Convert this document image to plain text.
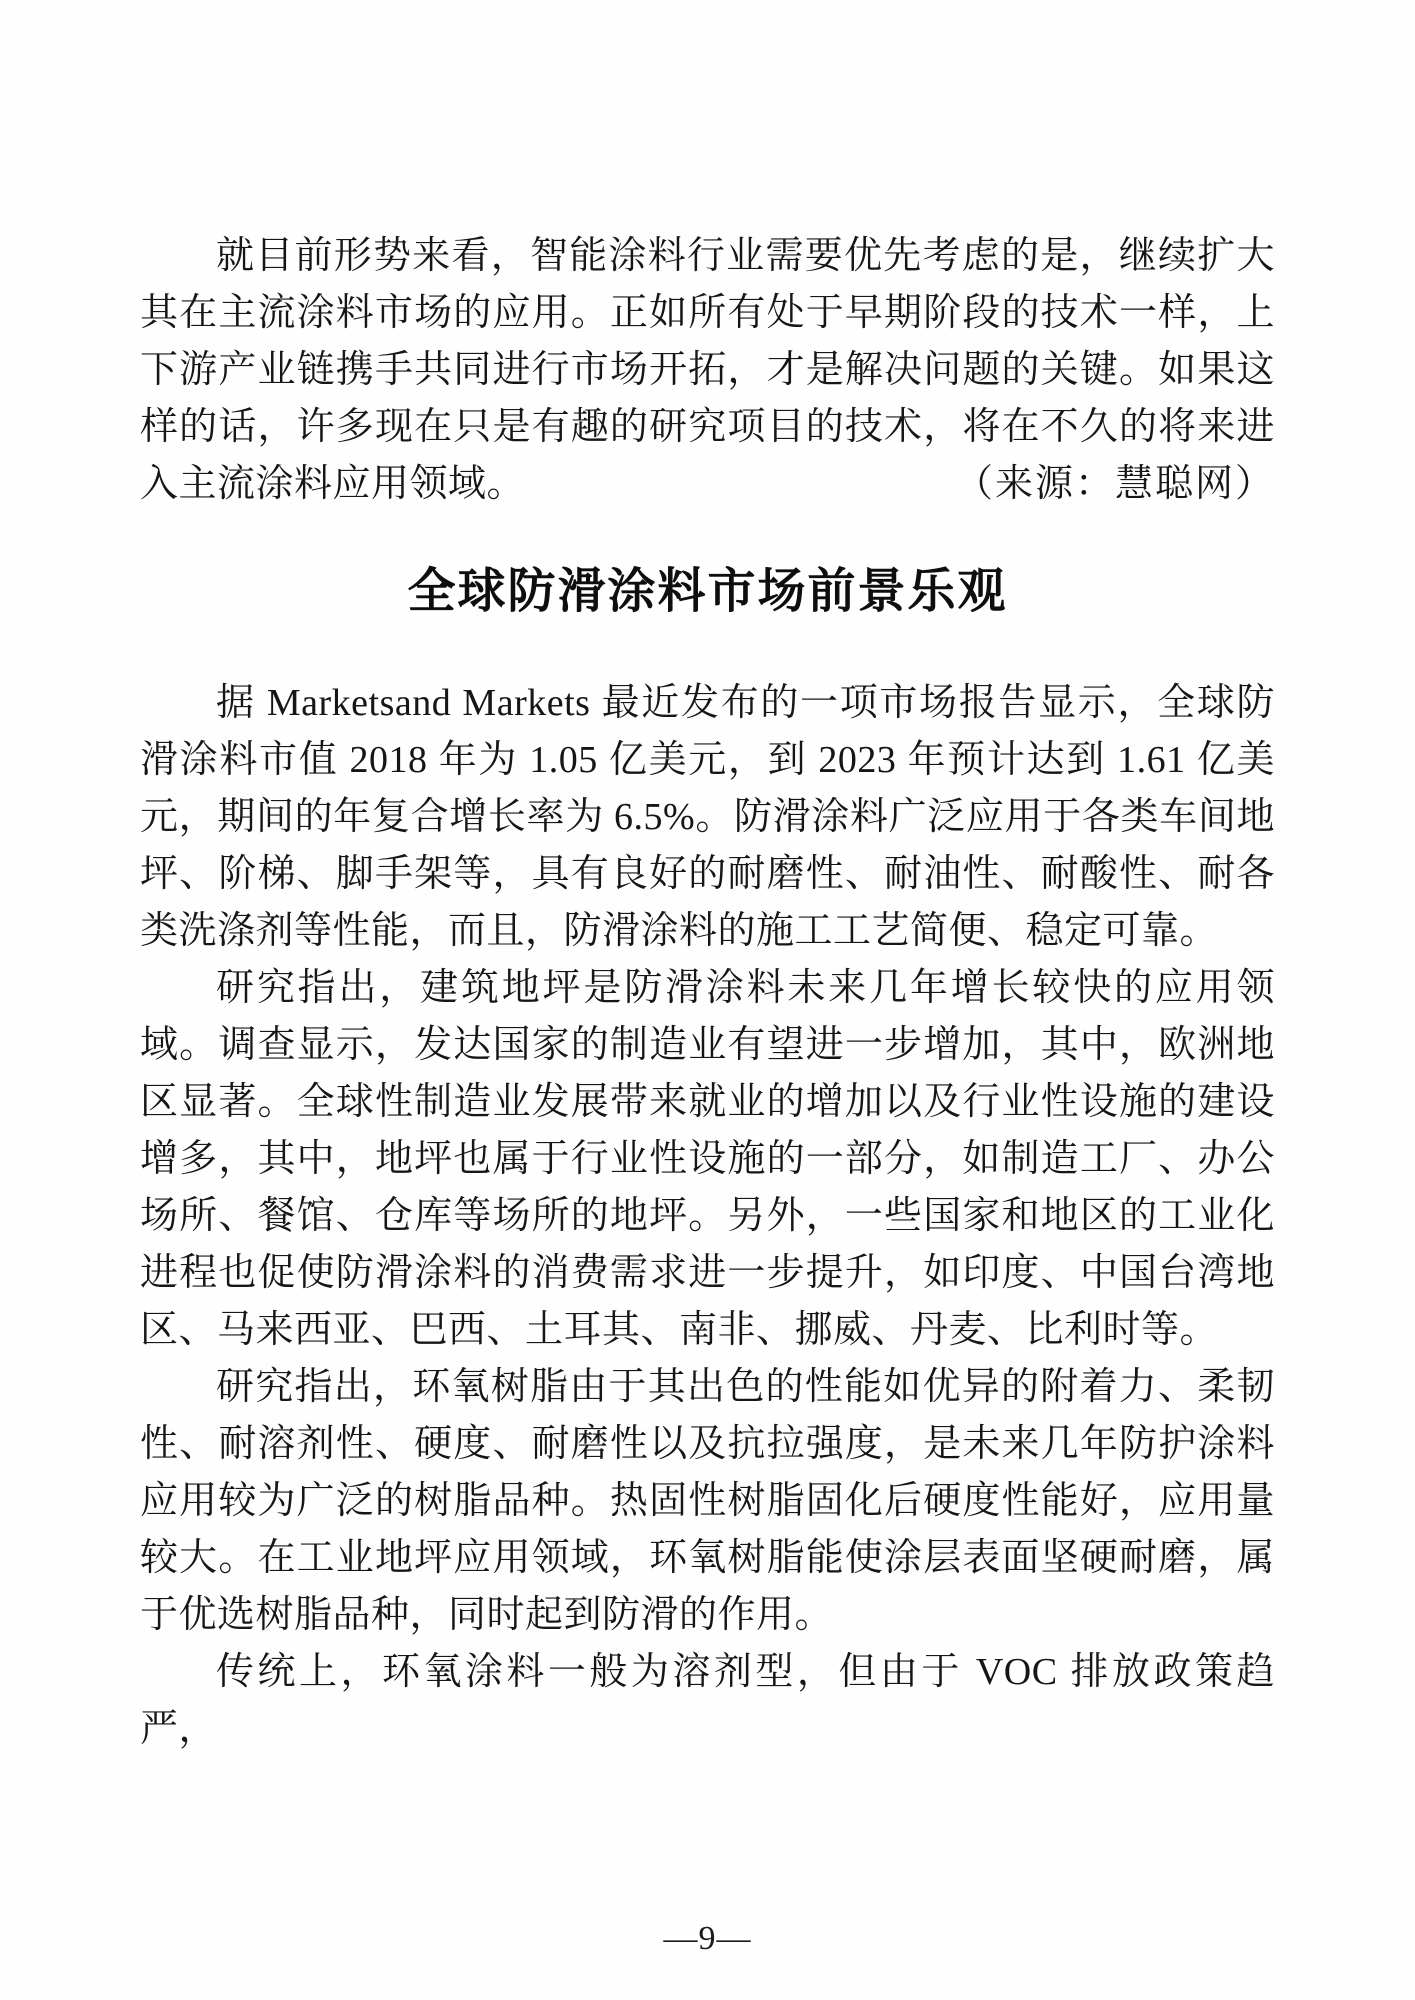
就目前形势来看，智能涂料行业需要优先考虑的是，继续扩大其在主流涂料市场的应用。正如所有处于早期阶段的技术一样，上下游产业链携手共同进行市场开拓，才是解决问题的关键。如果这样的话，许多现在只是有趣的研究项目的技术，将在不久的将来进入主流涂料应用领域。	（来源：慧聪网）

全球防滑涂料市场前景乐观

据 Marketsand Markets 最近发布的一项市场报告显示，全球防滑涂料市值 2018 年为 1.05 亿美元，到 2023 年预计达到 1.61 亿美元，期间的年复合增长率为 6.5%。防滑涂料广泛应用于各类车间地坪、阶梯、脚手架等，具有良好的耐磨性、耐油性、耐酸性、耐各类洗涤剂等性能，而且，防滑涂料的施工工艺简便、稳定可靠。

研究指出，建筑地坪是防滑涂料未来几年增长较快的应用领域。调查显示，发达国家的制造业有望进一步增加，其中，欧洲地区显著。全球性制造业发展带来就业的增加以及行业性设施的建设增多，其中，地坪也属于行业性设施的一部分，如制造工厂、办公场所、餐馆、仓库等场所的地坪。另外，一些国家和地区的工业化进程也促使防滑涂料的消费需求进一步提升，如印度、中国台湾地区、马来西亚、巴西、土耳其、南非、挪威、丹麦、比利时等。

研究指出，环氧树脂由于其出色的性能如优异的附着力、柔韧性、耐溶剂性、硬度、耐磨性以及抗拉强度，是未来几年防护涂料应用较为广泛的树脂品种。热固性树脂固化后硬度性能好，应用量较大。在工业地坪应用领域，环氧树脂能使涂层表面坚硬耐磨，属于优选树脂品种，同时起到防滑的作用。

传统上，环氧涂料一般为溶剂型，但由于 VOC 排放政策趋严，

—9—
